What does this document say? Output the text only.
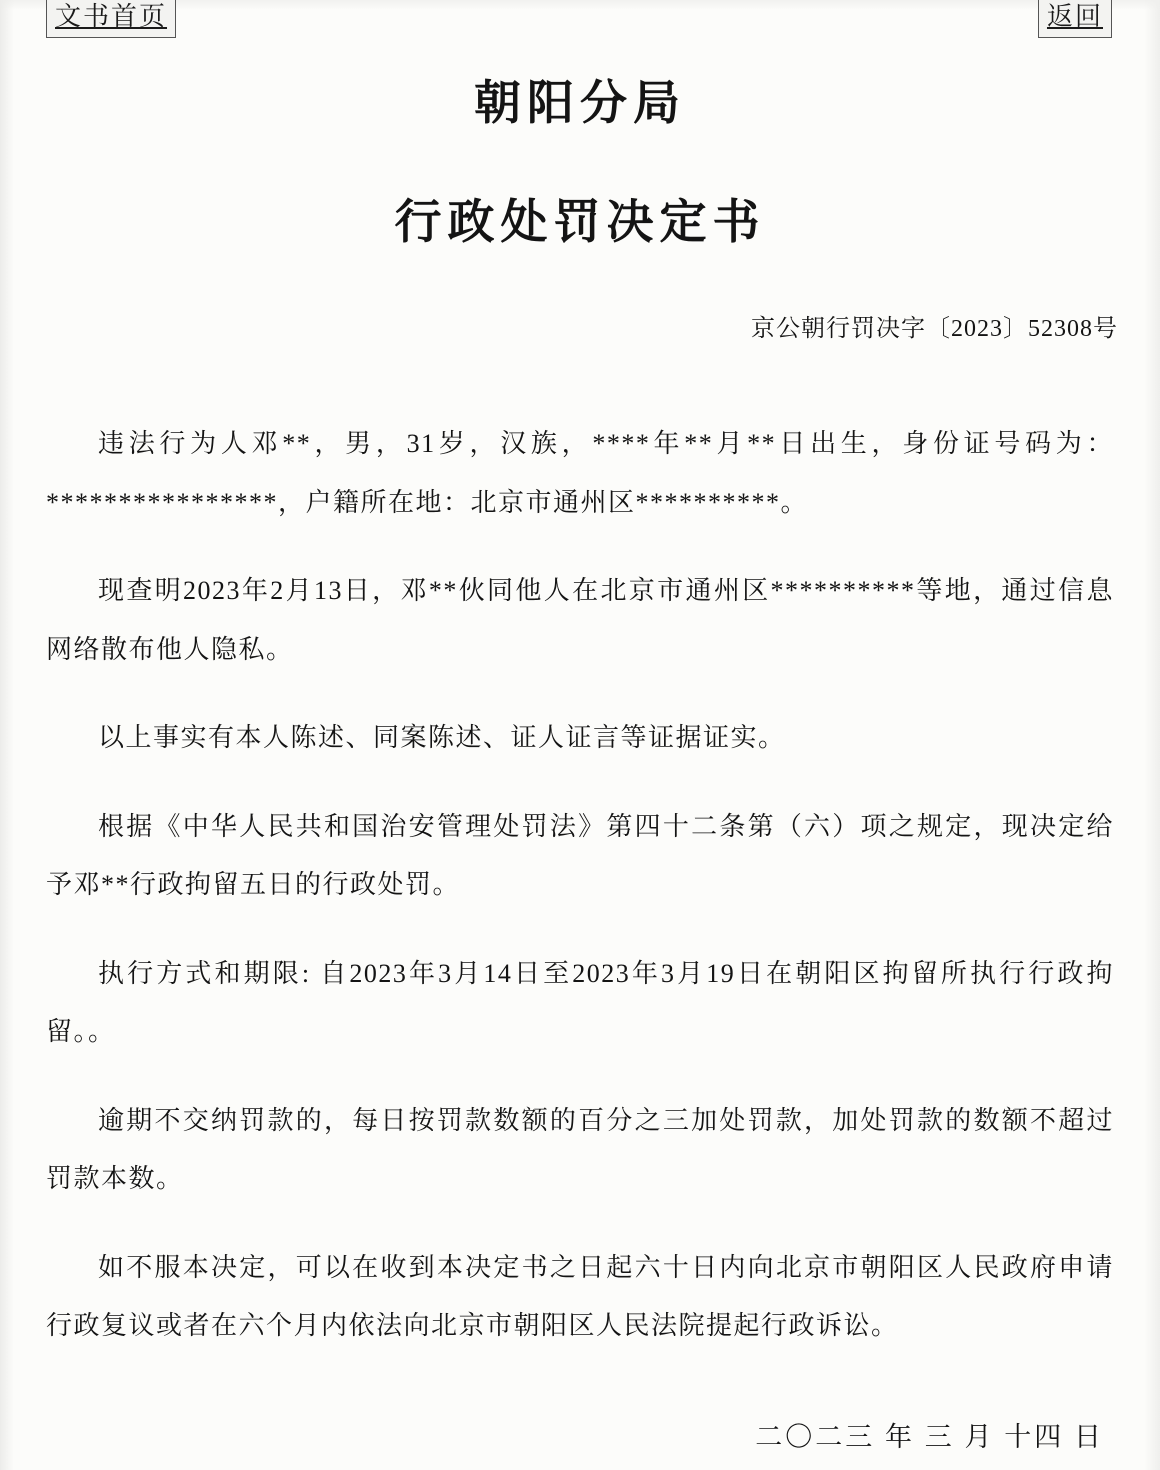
文书首页	返回
朝阳分局
行政处罚决定书
京公朝行罚决字〔2023〕52308号

违法行为人邓**，男，31岁，汉族，****年**月**日出生，身份证号码为：****************，户籍所在地：北京市通州区**********。

现查明2023年2月13日，邓**伙同他人在北京市通州区**********等地，通过信息网络散布他人隐私。

以上事实有本人陈述、同案陈述、证人证言等证据证实。

根据《中华人民共和国治安管理处罚法》第四十二条第（六）项之规定，现决定给予邓**行政拘留五日的行政处罚。

执行方式和期限: 自2023年3月14日至2023年3月19日在朝阳区拘留所执行行政拘留。。

逾期不交纳罚款的，每日按罚款数额的百分之三加处罚款，加处罚款的数额不超过罚款本数。

如不服本决定，可以在收到本决定书之日起六十日内向北京市朝阳区人民政府申请行政复议或者在六个月内依法向北京市朝阳区人民法院提起行政诉讼。

二〇二三 年 三 月 十四 日
